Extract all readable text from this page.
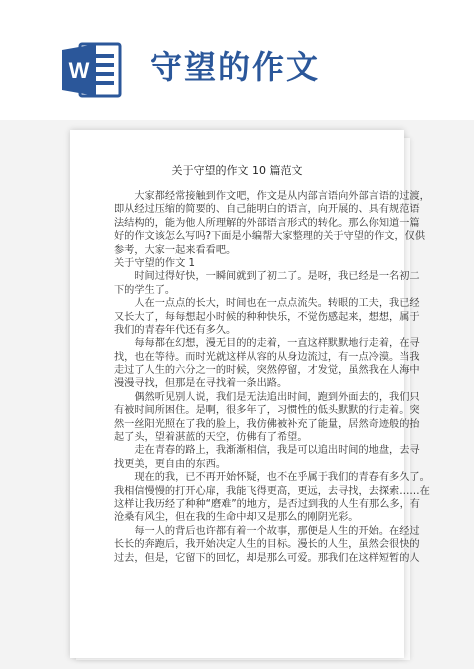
W 守望的作文
关于守望的作文 10 篇范文
　　大家都经常接触到作文吧，作文是从内部言语向外部言语的过渡，
即从经过压缩的简要的、自己能明白的语言，向开展的、具有规范语
法结构的，能为他人所理解的外部语言形式的转化。那么你知道一篇
好的作文该怎么写吗?下面是小编帮大家整理的关于守望的作文，仅供
参考，大家一起来看看吧。
关于守望的作文 1
　　时间过得好快，一瞬间就到了初二了。是呀，我已经是一名初二
下的学生了。
　　人在一点点的长大，时间也在一点点流失。转眼的工夫，我已经
又长大了，每每想起小时候的种种快乐，不觉伤感起来，想想，属于
我们的青春年代还有多久。
　　每每都在幻想，漫无目的的走着，一直这样默默地行走着，在寻
找，也在等待。而时光就这样从容的从身边流过，有一点冷漠。当我
走过了人生的六分之一的时候，突然停留，才发觉，虽然我在人海中
漫漫寻找，但那是在寻找着一条出路。
　　偶然听见别人说，我们是无法追出时间，跑到外面去的，我们只
有被时间所困住。是啊，很多年了，习惯性的低头默默的行走着。突
然一丝阳光照在了我的脸上，我仿佛被补充了能量，居然奇迹般的抬
起了头，望着湛蓝的天空，仿佛有了希望。
　　走在青春的路上，我渐渐相信，我是可以追出时间的地盘，去寻
找更美，更自由的东西。
　　现在的我，已不再开始怀疑，也不在乎属于我们的青春有多久了。
我相信慢慢的打开心扉，我能飞得更高，更远，去寻找，去探索……在
这样让我历经了种种“磨难”的地方，是否过到我的人生有那么多，有
沧桑有风尘，但在我的生命中却又是那么的刚阴光彩。
　　每一人的背后也许都有着一个故事，那便是人生的开始。在经过
长长的奔跑后，我开始决定人生的目标。漫长的人生，虽然会很快的
过去，但是，它留下的回忆，却是那么可爱。那我们在这样短暂的人
